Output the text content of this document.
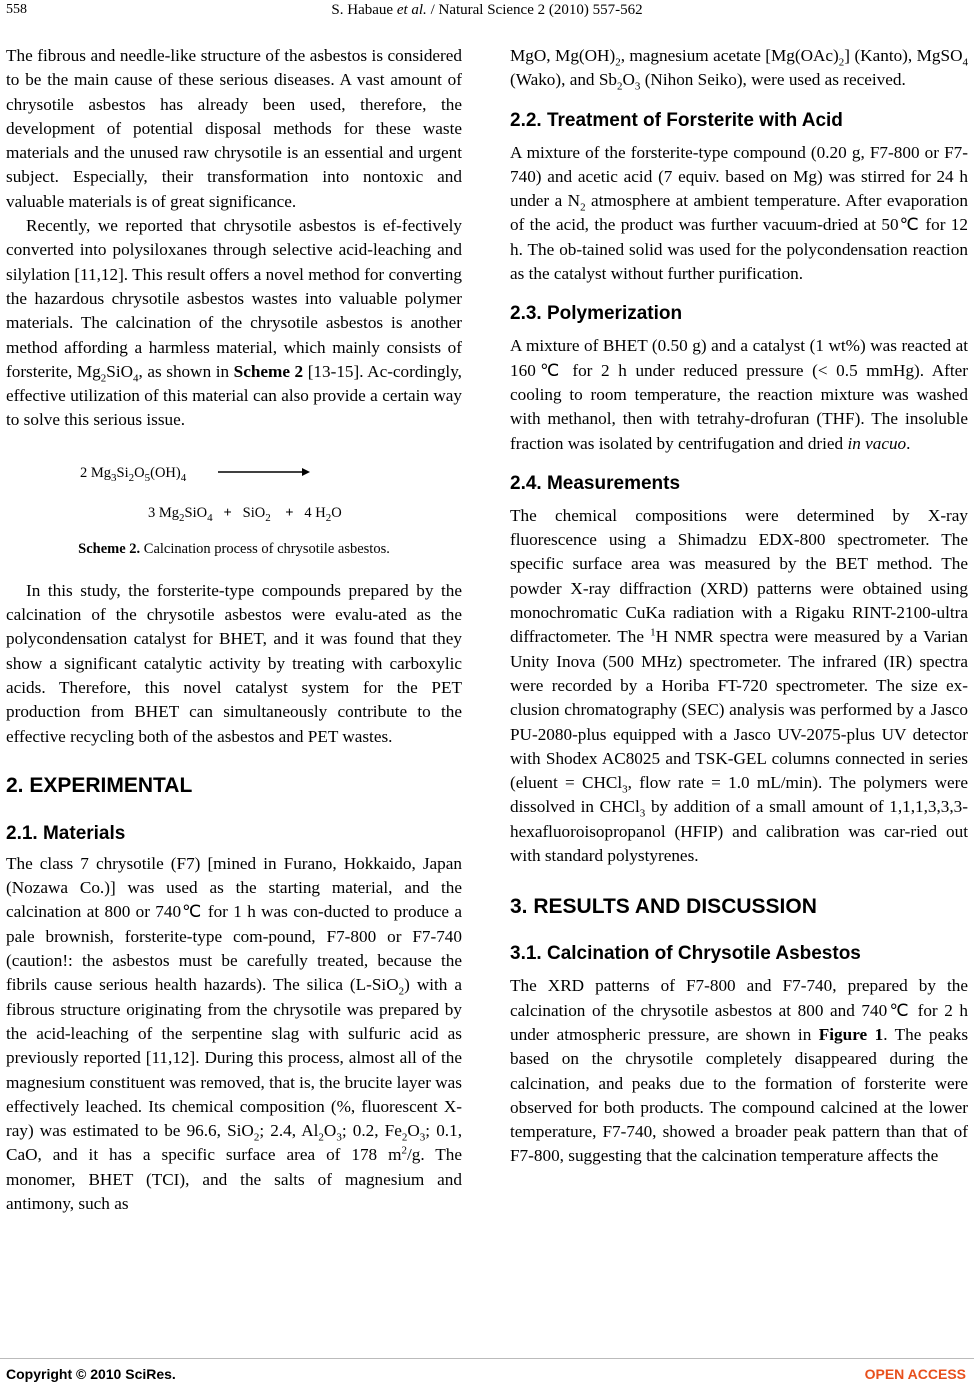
558	S. Habaue et al. / Natural Science 2 (2010) 557-562

The fibrous and needle-like structure of the asbestos is considered to be the main cause of these serious diseases. A vast amount of chrysotile asbestos has already been used, therefore, the development of potential disposal methods for these waste materials and the unused raw chrysotile is an essential and urgent subject. Especially, their transformation into nontoxic and valuable materials is of great significance.

Recently, we reported that chrysotile asbestos is ef-fectively converted into polysiloxanes through selective acid-leaching and silylation [11,12]. This result offers a novel method for converting the hazardous chrysotile asbestos wastes into valuable polymer materials. The calcination of the chrysotile asbestos is another method affording a harmless material, which mainly consists of forsterite, $Mg_2SiO_4$, as shown in Scheme 2 [13-15]. Ac-cordingly, effective utilization of this material can also provide a certain way to solve this serious issue.

2 $Mg_3Si_2O_5(OH)_4$
3 $Mg_2SiO_4 + SiO_2 + 4$ $H_2O$
Scheme 2. Calcination process of chrysotile asbestos.

In this study, the forsterite-type compounds prepared by the calcination of the chrysotile asbestos were evalu-ated as the polycondensation catalyst for BHET, and it was found that they show a significant catalytic activity by treating with carboxylic acids. Therefore, this novel catalyst system for the PET production from BHET can simultaneously contribute to the effective recycling both of the asbestos and PET wastes.

2. EXPERIMENTAL
2.1. Materials

The class 7 chrysotile (F7) [mined in Furano, Hokkaido, Japan (Nozawa Co.)] was used as the starting material, and the calcination at 800 or 740℃ for 1 h was con-ducted to produce a pale brownish, forsterite-type com-pound, F7-800 or F7-740 (caution!: the asbestos must be carefully treated, because the fibrils cause serious health hazards). The silica (L-SiO$_2$) with a fibrous structure originating from the chrysotile was prepared by the acid-leaching of the serpentine slag with sulfuric acid as previously reported [11,12]. During this process, almost all of the magnesium constituent was removed, that is, the brucite layer was effectively leached. Its chemical composition (%, fluorescent X-ray) was estimated to be 96.6, SiO$_2$; 2.4, $Al_2O_3$; 0.2, $Fe_2O_3$; 0.1, CaO, and it has a specific surface area of 178 $m^2/g$. The monomer, BHET (TCI), and the salts of magnesium and antimony, such as

MgO, $Mg(OH)_2$, magnesium acetate $[Mg(OAc)_2]$ (Kanto), MgSO$_4$ (Wako), and $Sb_2O_3$ (Nihon Seiko), were used as received.

2.2. Treatment of Forsterite with Acid

A mixture of the forsterite-type compound (0.20 g, F7-800 or F7-740) and acetic acid (7 equiv. based on Mg) was stirred for 24 h under a $N_2$ atmosphere at ambient temperature. After evaporation of the acid, the product was further vacuum-dried at 50℃ for 12 h. The ob-tained solid was used for the polycondensation reaction as the catalyst without further purification.

2.3. Polymerization

A mixture of BHET (0.50 g) and a catalyst (1 wt%) was reacted at 160℃ for 2 h under reduced pressure (< 0.5 mmHg). After cooling to room temperature, the reaction mixture was washed with methanol, then with tetrahy-drofuran (THF). The insoluble fraction was isolated by centrifugation and dried in vacuo.

2.4. Measurements

The chemical compositions were determined by X-ray fluorescence using a Shimadzu EDX-800 spectrometer. The specific surface area was measured by the BET method. The powder X-ray diffraction (XRD) patterns were obtained using monochromatic CuKa radiation with a Rigaku RINT-2100-ultra diffractometer. The $^1$H NMR spectra were measured by a Varian Unity Inova (500 MHz) spectrometer. The infrared (IR) spectra were recorded by a Horiba FT-720 spectrometer. The size ex-clusion chromatography (SEC) analysis was performed by a Jasco PU-2080-plus equipped with a Jasco UV-2075-plus UV detector with Shodex AC8025 and TSK-GEL columns connected in series (eluent = CHCl$_3$, flow rate = 1.0 mL/min). The polymers were dissolved in CHCl$_3$ by addition of a small amount of 1,1,1,3,3,3-hexafluoroisopropanol (HFIP) and calibration was car-ried out with standard polystyrenes.

3. RESULTS AND DISCUSSION
3.1. Calcination of Chrysotile Asbestos

The XRD patterns of F7-800 and F7-740, prepared by the calcination of the chrysotile asbestos at 800 and 740℃ for 2 h under atmospheric pressure, are shown in Figure 1. The peaks based on the chrysotile completely disappeared during the calcination, and peaks due to the formation of forsterite were observed for both products. The compound calcined at the lower temperature, F7-740, showed a broader peak pattern than that of F7-800, suggesting that the calcination temperature affects the

Copyright © 2010 SciRes.	OPEN ACCESS
